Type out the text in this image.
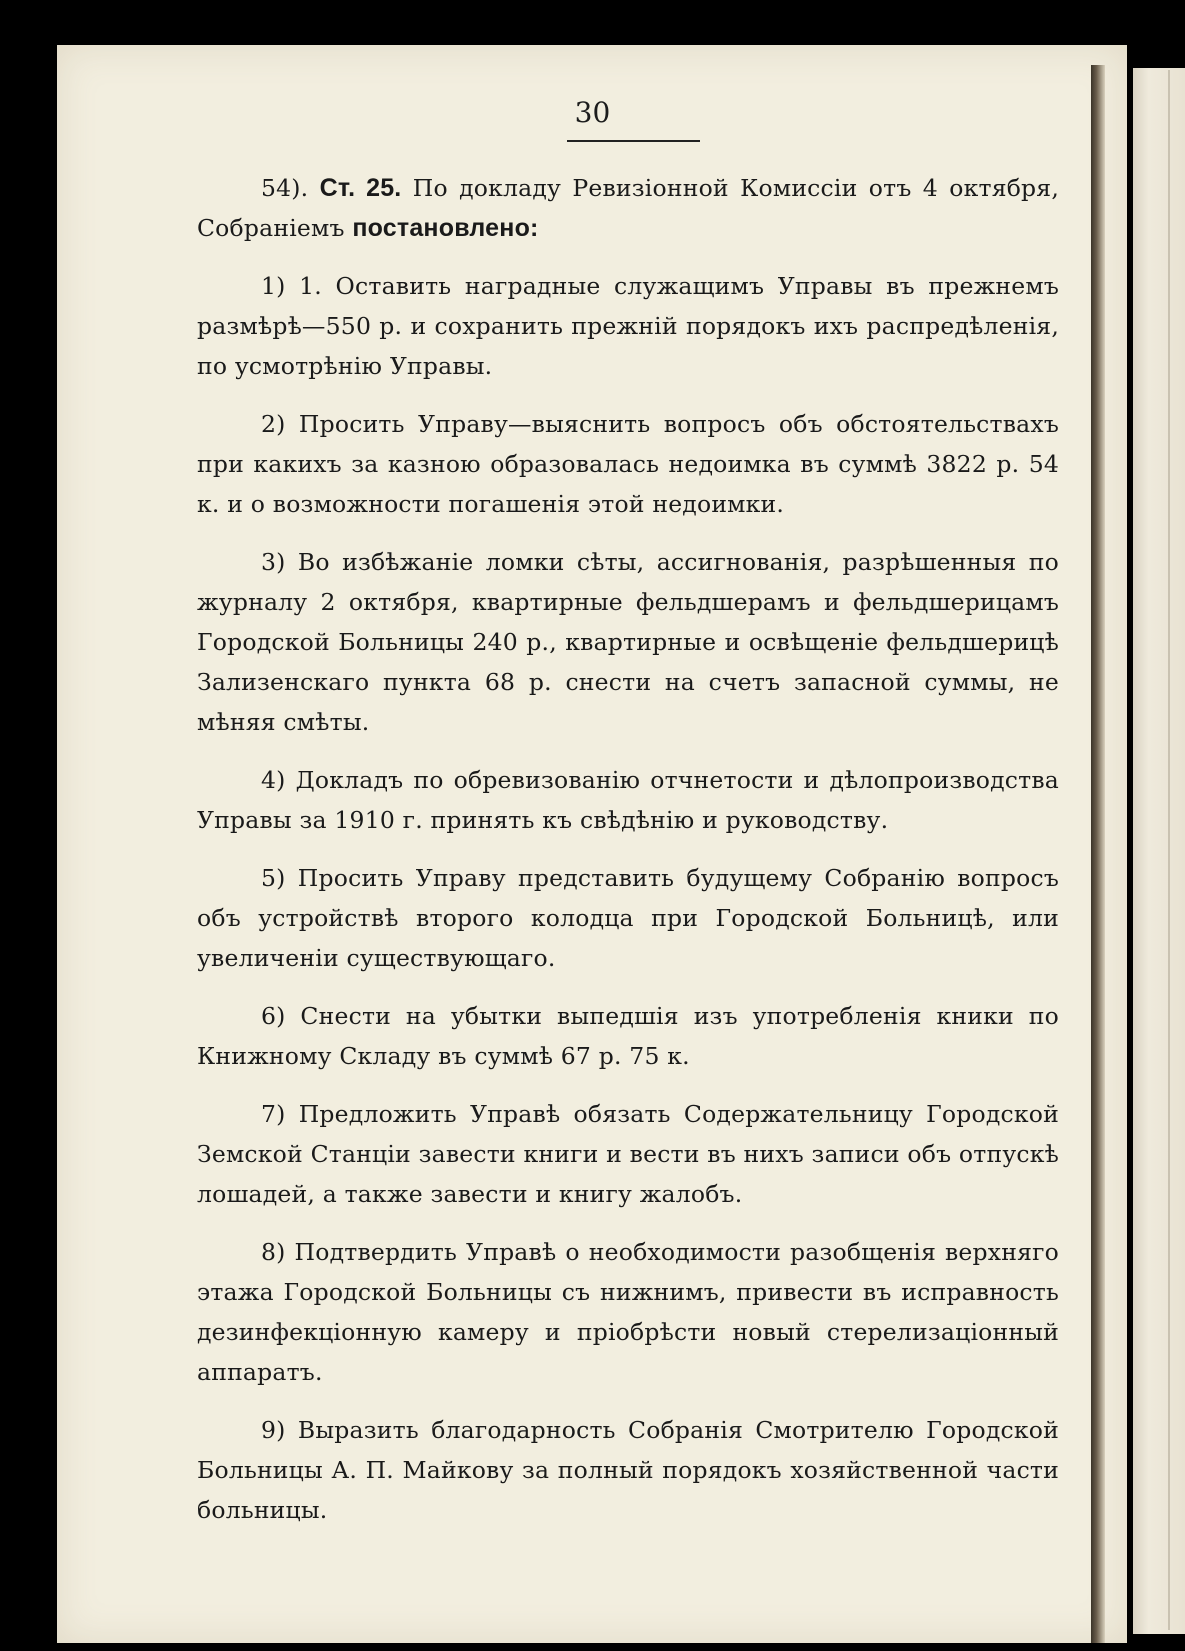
30

54). Ст. 25. По докладу Ревизіонной Комиссіи отъ 4 октября, Собраніемъ постановлено:

1) 1. Оставить наградные служащимъ Управы въ прежнемъ размѣрѣ—550 р. и сохранить прежній порядокъ ихъ распредѣленія, по усмотрѣнію Управы.

2) Просить Управу—выяснить вопросъ объ обстоятельствахъ при какихъ за казною образовалась недоимка въ суммѣ 3822 р. 54 к. и о возможности погашенія этой недоимки.

3) Во избѣжаніе ломки сѣты, ассигнованія, разрѣшенныя по журналу 2 октября, квартирные фельдшерамъ и фельдшерицамъ Городской Больницы 240 р., квартирные и освѣщеніе фельдшерицѣ Зализенскаго пункта 68 р. снести на счетъ запасной суммы, не мѣняя смѣты.

4) Докладъ по обревизованію отчнетости и дѣлопроизводства Управы за 1910 г. принять къ свѣдѣнію и руководству.

5) Просить Управу представить будущему Собранію вопросъ объ устройствѣ второго колодца при Городской Больницѣ, или увеличеніи существующаго.

6) Снести на убытки выпедшія изъ употребленія кники по Книжному Складу въ суммѣ 67 р. 75 к.

7) Предложить Управѣ обязать Содержательницу Городской Земской Станціи завести книги и вести въ нихъ записи объ отпускѣ лошадей, а также завести и книгу жалобъ.

8) Подтвердить Управѣ о необходимости разобщенія верхняго этажа Городской Больницы съ нижнимъ, привести въ исправность дезинфекціонную камеру и пріобрѣсти новый стерелизаціонный аппаратъ.

9) Выразить благодарность Собранія Смотрителю Городской Больницы А. П. Майкову за полный порядокъ хозяйственной части больницы.
